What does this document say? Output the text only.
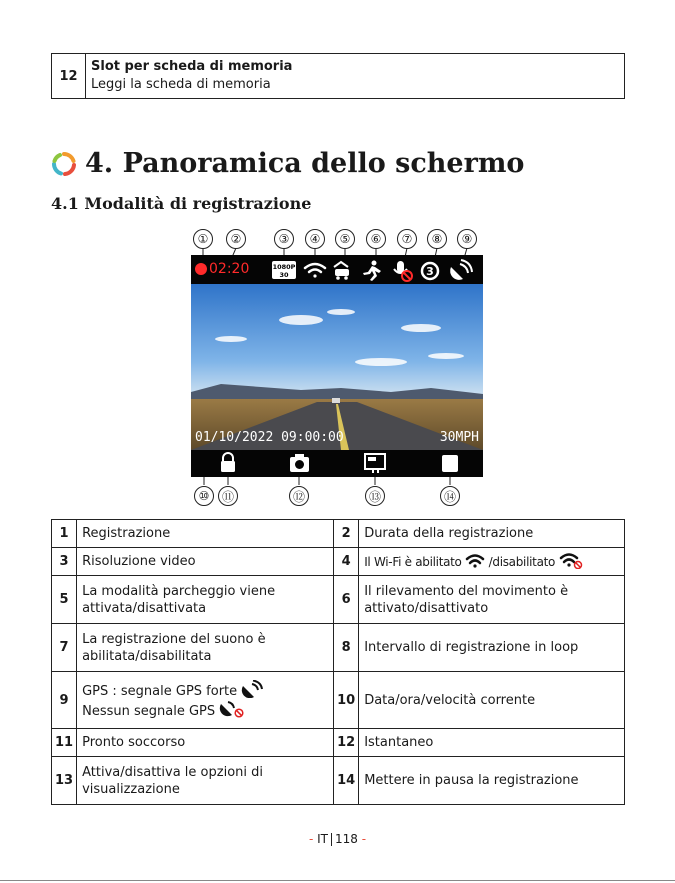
12
Slot per scheda di memoria
Leggi la scheda di memoria
4. Panoramica dello schermo
4.1 Modalità di registrazione
①	②	③	④	⑤	⑥	⑦	⑧	⑨
02:20	1080P
30	3
01/10/2022 09:00:00	30MPH
⑩	⑪	⑫	⑬	⑭
1	Registrazione	2	Durata della registrazione
3	Risoluzione video	4	Il Wi-Fi è abilitato /disabilitato
5	La modalità parcheggio viene attivata/disattivata	6	Il rilevamento del movimento è attivato/disattivato
7	La registrazione del suono è abilitata/disabilitata	8	Intervallo di registrazione in loop
9	GPS : segnale GPS forte
Nessun segnale GPS	10	Data/ora/velocità corrente
11	Pronto soccorso	12	Istantaneo
13	Attiva/disattiva le opzioni di visualizzazione	14	Mettere in pausa la registrazione
- IT 118 -
